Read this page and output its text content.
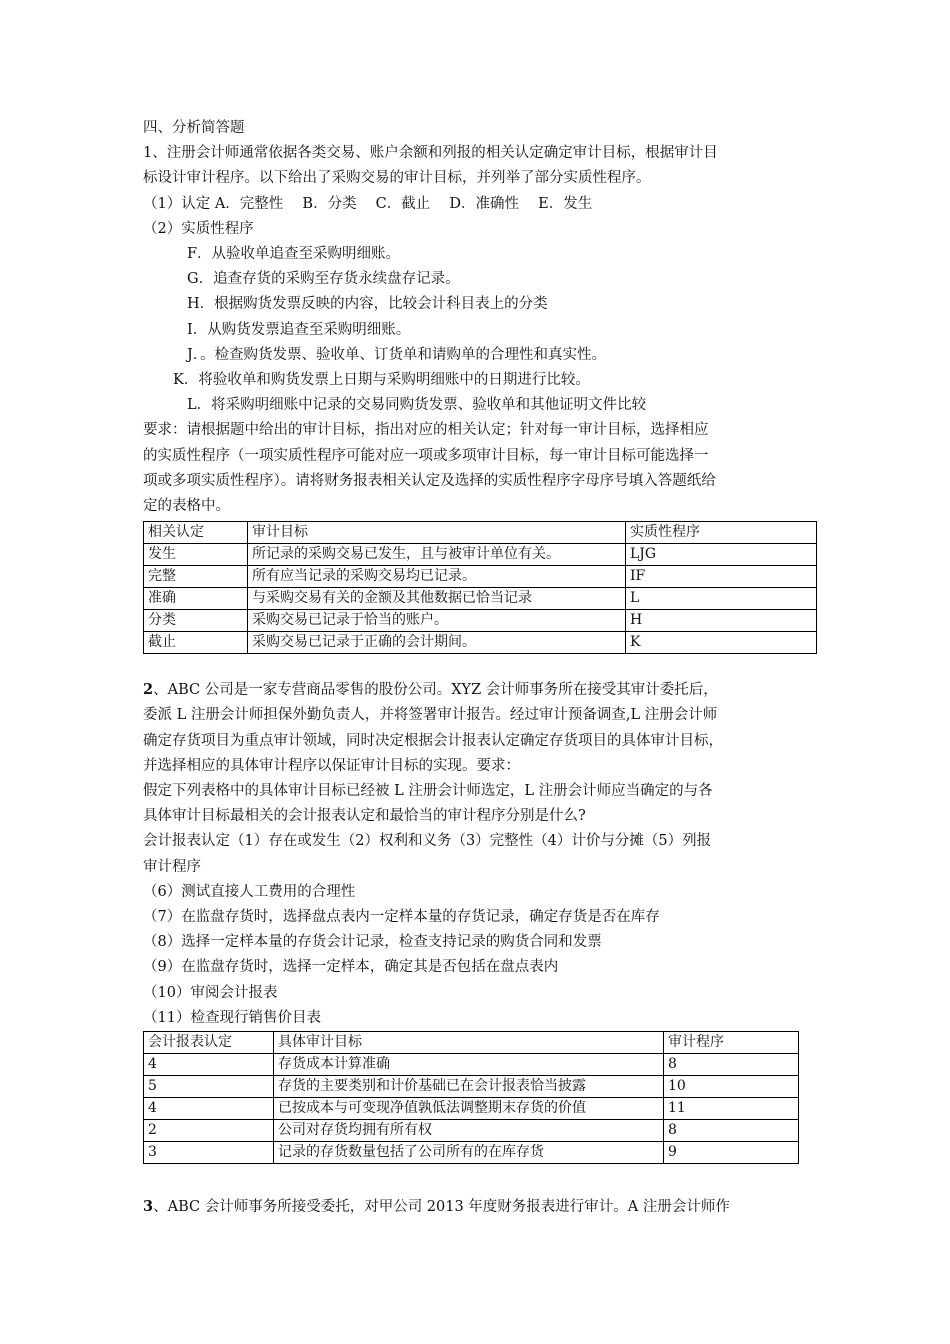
四、分析简答题
1、注册会计师通常依据各类交易、账户余额和列报的相关认定确定审计目标，根据审计目
标设计审计程序。以下给出了采购交易的审计目标，并列举了部分实质性程序。
（1）认定 A．完整性　 B．分类　 C．截止　 D．准确性　 E．发生
（2）实质性程序
F．从验收单追查至采购明细账。
G．追查存货的采购至存货永续盘存记录。
H．根据购货发票反映的内容，比较会计科目表上的分类
I．从购货发票追查至采购明细账。
J．。检查购货发票、验收单、订货单和请购单的合理性和真实性。
K．将验收单和购货发票上日期与采购明细账中的日期进行比较。
L．将采购明细账中记录的交易同购货发票、验收单和其他证明文件比较
要求：请根据题中给出的审计目标，指出对应的相关认定；针对每一审计目标，选择相应
的实质性程序（一项实质性程序可能对应一项或多项审计目标，每一审计目标可能选择一
项或多项实质性程序）。请将财务报表相关认定及选择的实质性程序字母序号填入答题纸给
定的表格中。
相关认定	审计目标	实质性程序
发生	所记录的采购交易已发生，且与被审计单位有关。	LJG
完整	所有应当记录的采购交易均已记录。	IF
准确	与采购交易有关的金额及其他数据已恰当记录	L
分类	采购交易已记录于恰当的账户。	H
截止	采购交易已记录于正确的会计期间。	K
2、ABC 公司是一家专营商品零售的股份公司。XYZ 会计师事务所在接受其审计委托后，
委派 L 注册会计师担保外勤负责人，并将签署审计报告。经过审计预备调查,L 注册会计师
确定存货项目为重点审计领域，同时决定根据会计报表认定确定存货项目的具体审计目标，
并选择相应的具体审计程序以保证审计目标的实现。要求：
假定下列表格中的具体审计目标已经被 L 注册会计师选定，L 注册会计师应当确定的与各
具体审计目标最相关的会计报表认定和最恰当的审计程序分别是什么?
会计报表认定（1）存在或发生（2）权利和义务（3）完整性（4）计价与分摊（5）列报
审计程序
（6）测试直接人工费用的合理性
（7）在监盘存货时，选择盘点表内一定样本量的存货记录，确定存货是否在库存
（8）选择一定样本量的存货会计记录，检查支持记录的购货合同和发票
（9）在监盘存货时，选择一定样本，确定其是否包括在盘点表内
（10）审阅会计报表
（11）检查现行销售价目表
会计报表认定	具体审计目标	审计程序
4	存货成本计算准确	8
5	存货的主要类别和计价基础已在会计报表恰当披露	10
4	已按成本与可变现净值孰低法调整期末存货的价值	11
2	公司对存货均拥有所有权	8
3	记录的存货数量包括了公司所有的在库存货	9
3、ABC 会计师事务所接受委托，对甲公司 2013 年度财务报表进行审计。A 注册会计师作
